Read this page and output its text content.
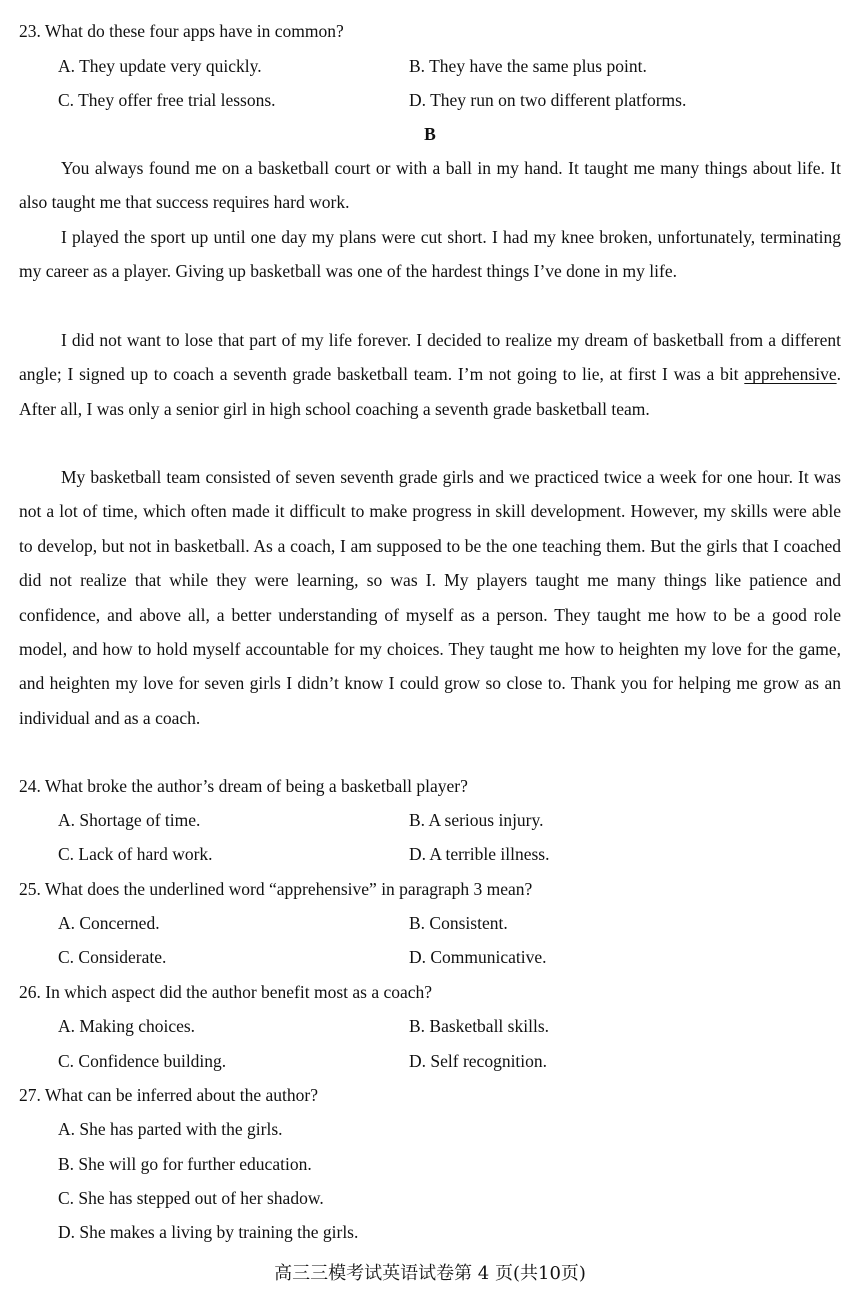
23. What do these four apps have in common?
A. They update very quickly.	B. They have the same plus point.
C. They offer free trial lessons.	D. They run on two different platforms.
B
You always found me on a basketball court or with a ball in my hand. It taught me many things about life. It also taught me that success requires hard work.
I played the sport up until one day my plans were cut short. I had my knee broken, unfortunately, terminating my career as a player. Giving up basketball was one of the hardest things I’ve done in my life.
I did not want to lose that part of my life forever. I decided to realize my dream of basketball from a different angle; I signed up to coach a seventh grade basketball team. I’m not going to lie, at first I was a bit apprehensive. After all, I was only a senior girl in high school coaching a seventh grade basketball team.
My basketball team consisted of seven seventh grade girls and we practiced twice a week for one hour. It was not a lot of time, which often made it difficult to make progress in skill development. However, my skills were able to develop, but not in basketball. As a coach, I am supposed to be the one teaching them. But the girls that I coached did not realize that while they were learning, so was I. My players taught me many things like patience and confidence, and above all, a better understanding of myself as a person. They taught me how to be a good role model, and how to hold myself accountable for my choices. They taught me how to heighten my love for the game, and heighten my love for seven girls I didn’t know I could grow so close to. Thank you for helping me grow as an individual and as a coach.
24. What broke the author’s dream of being a basketball player?
A. Shortage of time.	B. A serious injury.
C. Lack of hard work.	D. A terrible illness.
25. What does the underlined word “apprehensive” in paragraph 3 mean?
A. Concerned.	B. Consistent.
C. Considerate.	D. Communicative.
26. In which aspect did the author benefit most as a coach?
A. Making choices.	B. Basketball skills.
C. Confidence building.	D. Self recognition.
27. What can be inferred about the author?
A. She has parted with the girls.
B. She will go for further education.
C. She has stepped out of her shadow.
D. She makes a living by training the girls.
高三三模考试英语试卷第 4 页(共10页)
